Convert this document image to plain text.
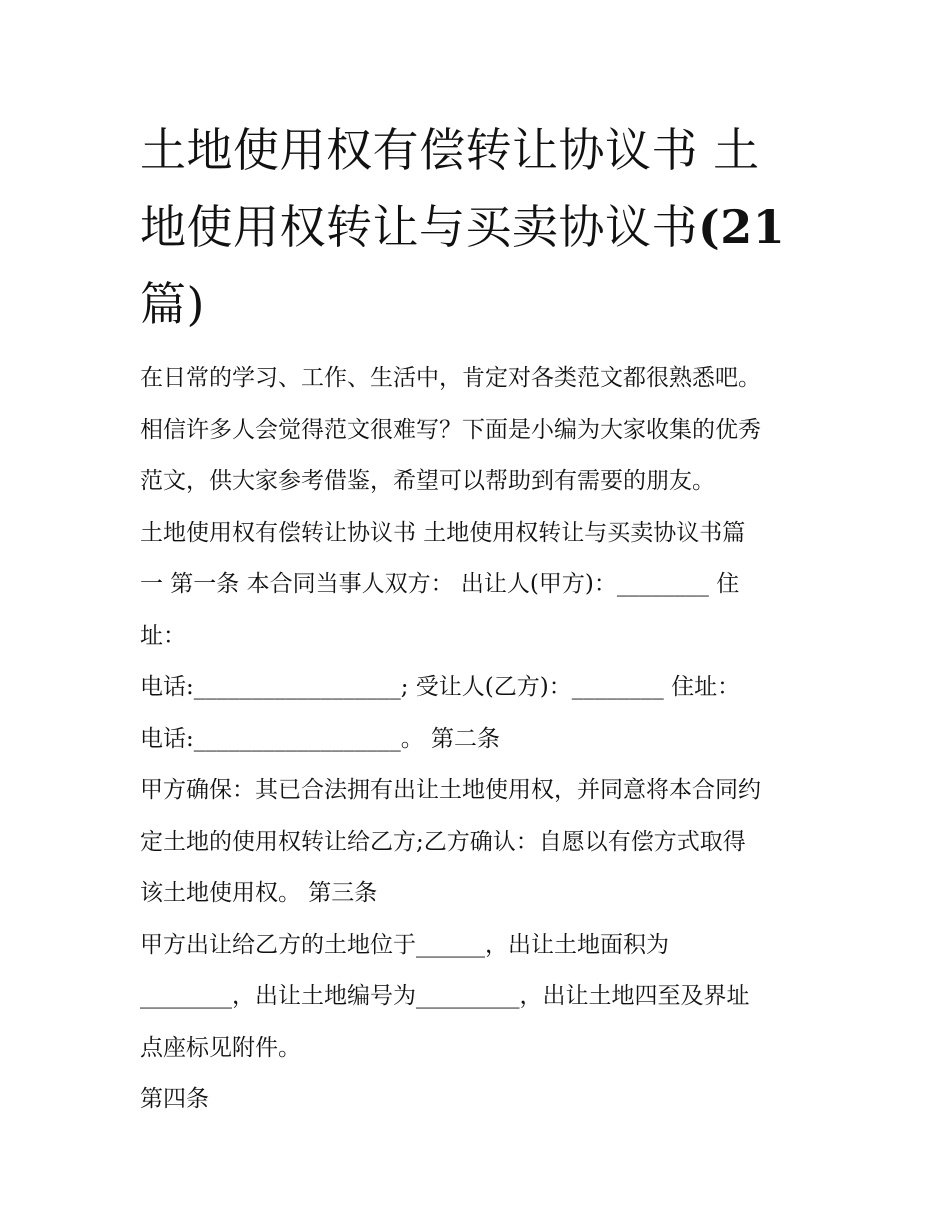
土地使用权有偿转让协议书 土
地使用权转让与买卖协议书(21
篇)
在日常的学习、工作、生活中，肯定对各类范文都很熟悉吧。
相信许多人会觉得范文很难写？下面是小编为大家收集的优秀
范文，供大家参考借鉴，希望可以帮助到有需要的朋友。
土地使用权有偿转让协议书 土地使用权转让与买卖协议书篇
一 第一条 本合同当事人双方： 出让人(甲方)：________ 住
址：
电话:__________________; 受让人(乙方)：________ 住址：
电话:__________________。 第二条
甲方确保：其已合法拥有出让土地使用权，并同意将本合同约
定土地的使用权转让给乙方;乙方确认：自愿以有偿方式取得
该土地使用权。 第三条
甲方出让给乙方的土地位于______，出让土地面积为
________，出让土地编号为_________，出让土地四至及界址
点座标见附件。
第四条
